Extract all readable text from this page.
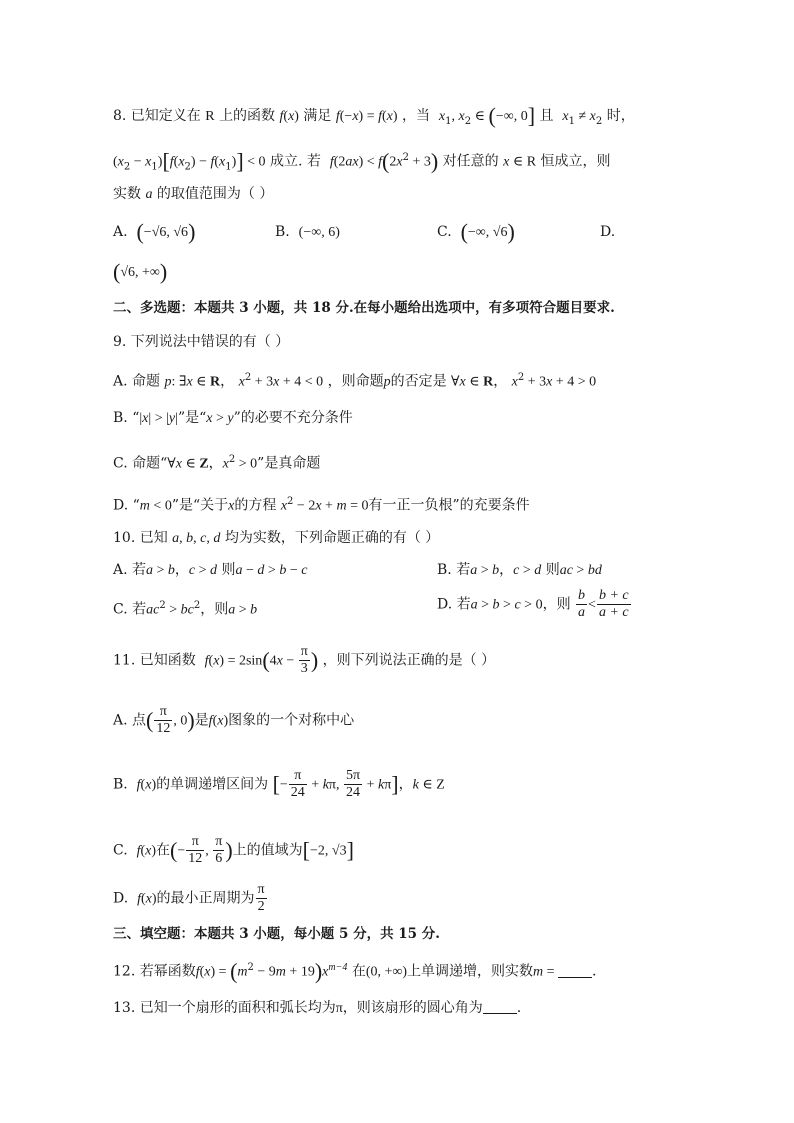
8. 已知定义在 R 上的函数 f(x) 满足 f(−x) = f(x) ，当 $x_1$, $x_2$ ∈ (−∞, 0] 且 $x_1 \ne x_2$ 时，
$(x_2 - x_1)[f(x_2) - f(x_1)] < 0$ 成立. 若 $f(2ax) < f(2x^2 + 3)$ 对任意的 x ∈ R 恒成立，则
实数 a 的取值范围为（ ）
A. (−√6, √6)	B. (−∞, 6)	C. (−∞, √6)	D.
(√6, +∞)
二、多选题：本题共 3 小题，共 18 分.在每小题给出选项中，有多项符合题目要求.
9. 下列说法中错误的有（ ）
A. 命题 p: ∃x ∈ R， $x^2 + 3x + 4 < 0$ ，则命题p的否定是 ∀x ∈ R， $x^2 + 3x + 4 > 0$
B. “|x| > |y|”是“x > y”的必要不充分条件
C. 命题“∀x ∈ Z，$x^2 > 0$”是真命题
D. “m < 0”是“关于x的方程 $x^2 - 2x + m = 0$有一正一负根”的充要条件
10. 已知 a, b, c, d 均为实数，下列命题正确的有（ ）
A. 若a > b，c > d 则a − d > b − c	B. 若a > b，c > d 则ac > bd
C. 若$ac^2 > bc^2$，则a > b	D. 若a > b > c > 0，则 $\frac{b}{a} < \frac{b + c}{a + c}$
11. 已知函数 $f(x) = 2\sin(4x - \frac{\pi}{3}$ ) ，则下列说法正确的是（ ）
A. 点( $\frac{\pi}{12}$ , 0)是f(x)图象的一个对称中心
B. f(x)的单调递增区间为 [− $\frac{\pi}{24} + k\pi$, $\frac{5\pi}{24} + k\pi$]，k ∈ Z
C. f(x)在(− $\frac{\pi}{12}$ , $\frac{\pi}{6}$ )上的值域为[−2, √3]
D. f(x)的最小正周期为 $\frac{\pi}{2}$
三、填空题：本题共 3 小题，每小题 5 分，共 15 分.
12. 若幂函数$f(x) = (m^2 - 9m + 19)x^{m-4}$ 在(0, +∞)上单调递增，则实数m = .
13. 已知一个扇形的面积和弧长均为π，则该扇形的圆心角为 .
